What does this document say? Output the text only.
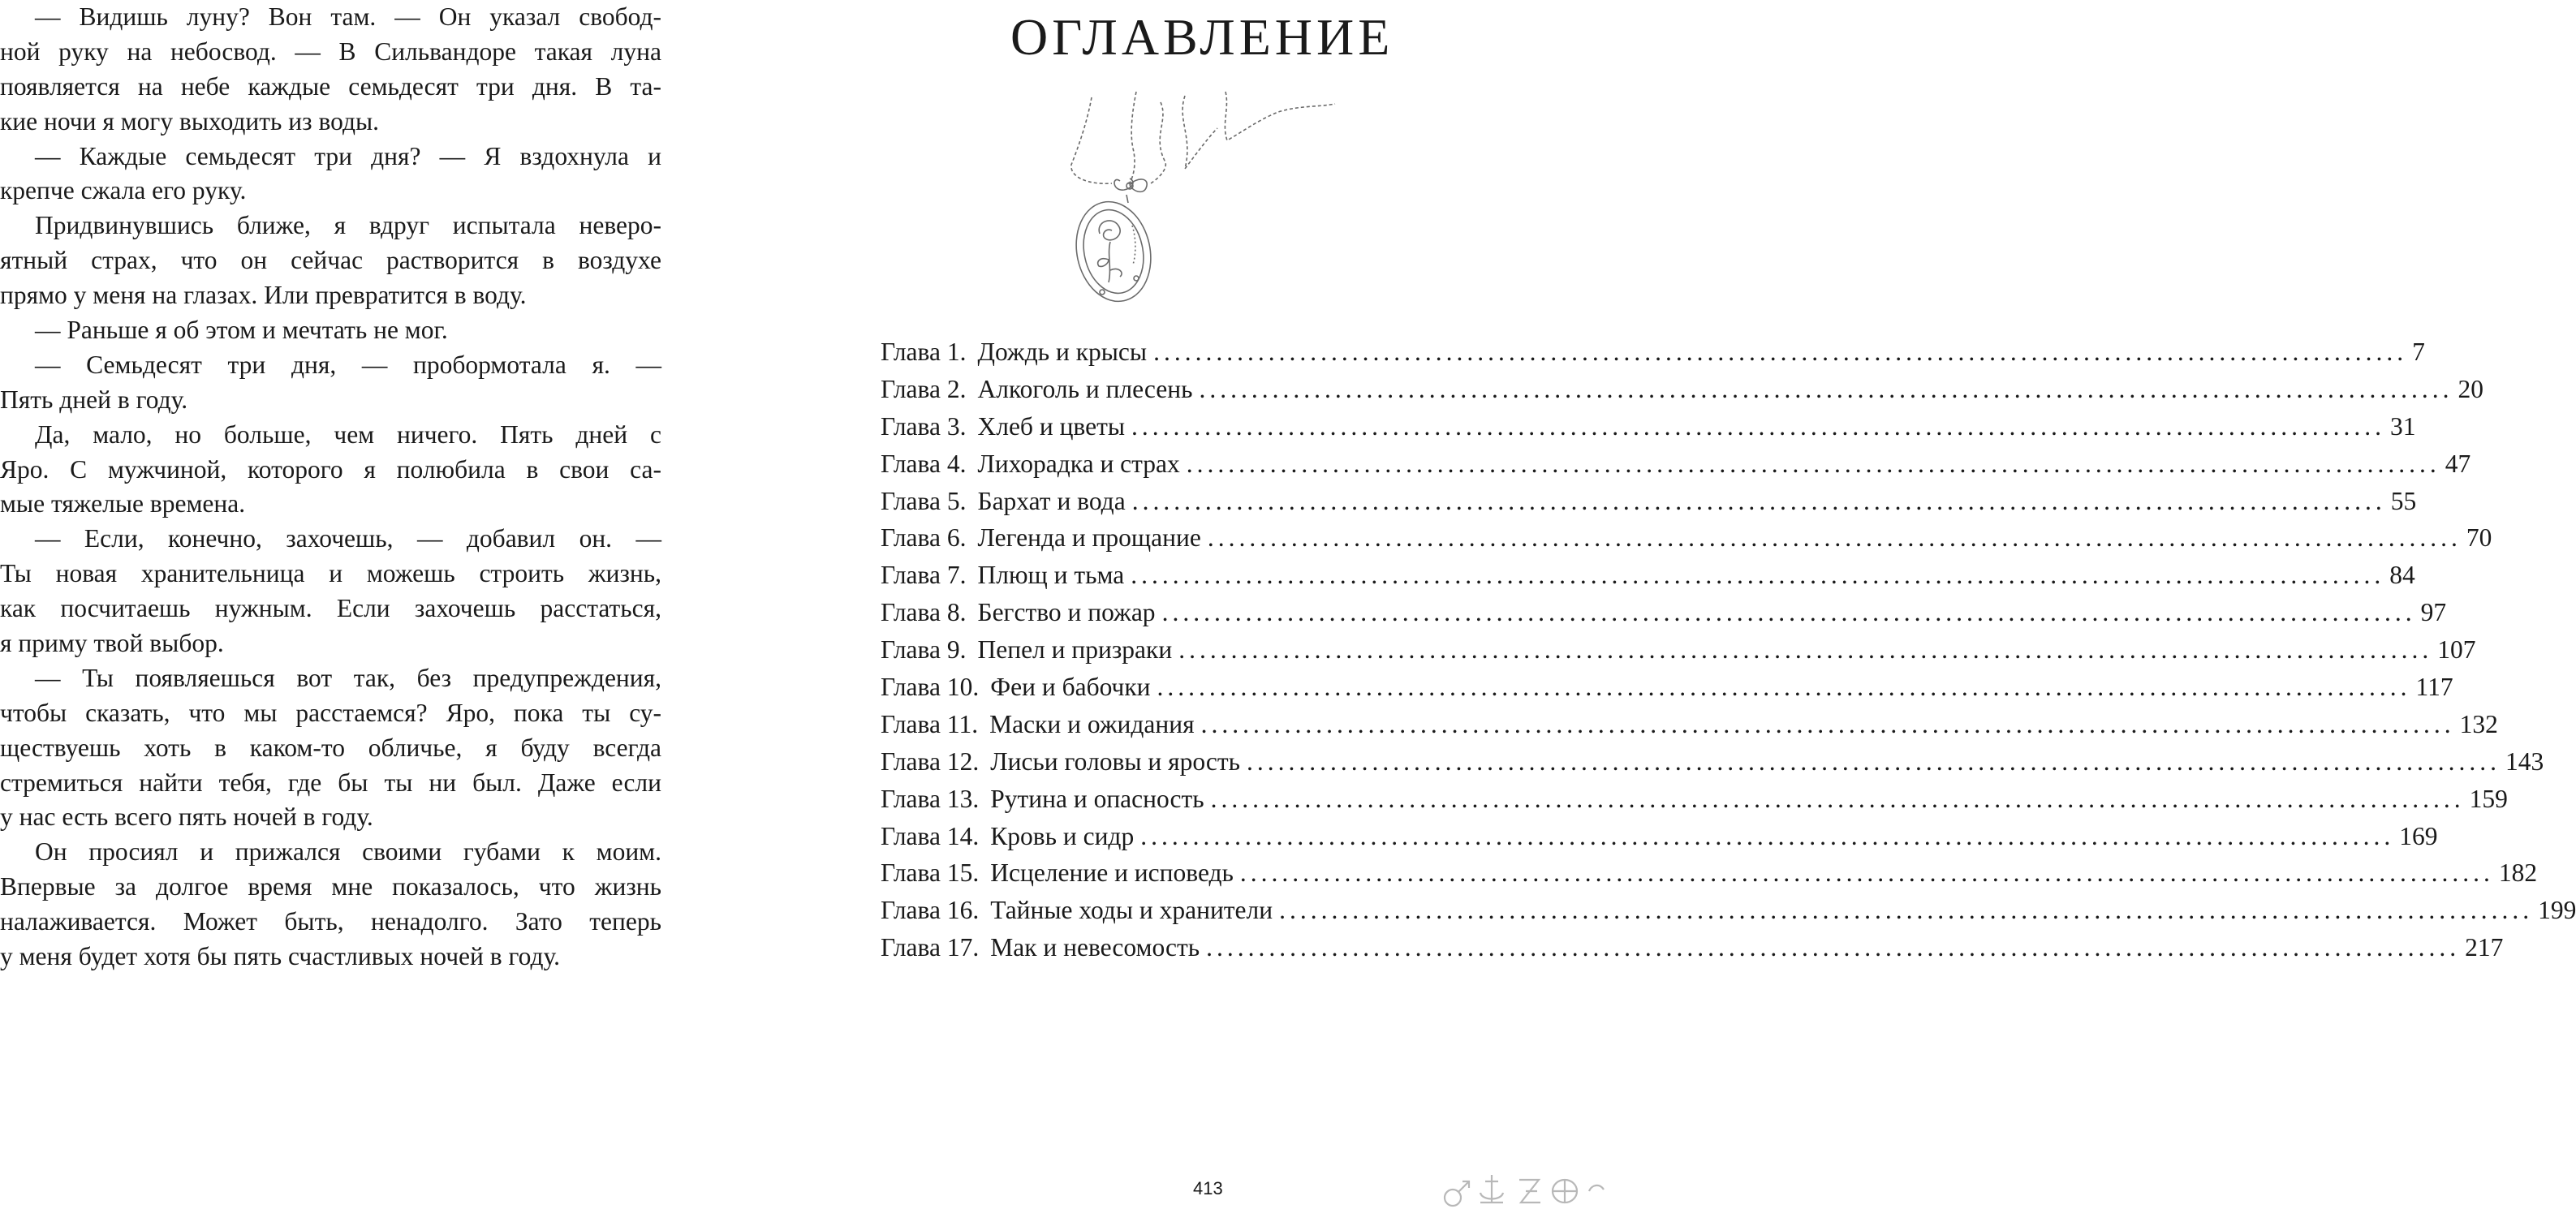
— Видишь луну? Вон там. — Он указал свобод-
ной руку на небосвод. — В Сильвандоре такая луна
появляется на небе каждые семьдесят три дня. В та-
кие ночи я могу выходить из воды.
— Каждые семьдесят три дня? — Я вздохнула и
крепче сжала его руку.
Придвинувшись ближе, я вдруг испытала неверо-
ятный страх, что он сейчас растворится в воздухе
прямо у меня на глазах. Или превратится в воду.
— Раньше я об этом и мечтать не мог.
— Семьдесят три дня, — пробормотала я. —
Пять дней в году.
Да, мало, но больше, чем ничего. Пять дней с
Яро. С мужчиной, которого я полюбила в свои са-
мые тяжелые времена.
— Если, конечно, захочешь, — добавил он. —
Ты новая хранительница и можешь строить жизнь,
как посчитаешь нужным. Если захочешь расстаться,
я приму твой выбор.
— Ты появляешься вот так, без предупреждения,
чтобы сказать, что мы расстаемся? Яро, пока ты су-
ществуешь хоть в каком-то обличье, я буду всегда
стремиться найти тебя, где бы ты ни был. Даже если
у нас есть всего пять ночей в году.
Он просиял и прижался своими губами к моим.
Впервые за долгое время мне показалось, что жизнь
налаживается. Может быть, ненадолго. Зато теперь
у меня будет хотя бы пять счастливых ночей в году.
ОГЛАВЛЕНИЕ
Глава 1. Дождь и крысы ........................................................................................................................ 7
Глава 2. Алкоголь и плесень ........................................................................................................................ 20
Глава 3. Хлеб и цветы ........................................................................................................................ 31
Глава 4. Лихорадка и страх ........................................................................................................................ 47
Глава 5. Бархат и вода ........................................................................................................................ 55
Глава 6. Легенда и прощание ........................................................................................................................ 70
Глава 7. Плющ и тьма ........................................................................................................................ 84
Глава 8. Бегство и пожар ........................................................................................................................ 97
Глава 9. Пепел и призраки ........................................................................................................................ 107
Глава 10. Феи и бабочки ........................................................................................................................ 117
Глава 11. Маски и ожидания ........................................................................................................................ 132
Глава 12. Лисьи головы и ярость ........................................................................................................................ 143
Глава 13. Рутина и опасность ........................................................................................................................ 159
Глава 14. Кровь и сидр ........................................................................................................................ 169
Глава 15. Исцеление и исповедь ........................................................................................................................ 182
Глава 16. Тайные ходы и хранители ........................................................................................................................ 199
Глава 17. Мак и невесомость ........................................................................................................................ 217
413
